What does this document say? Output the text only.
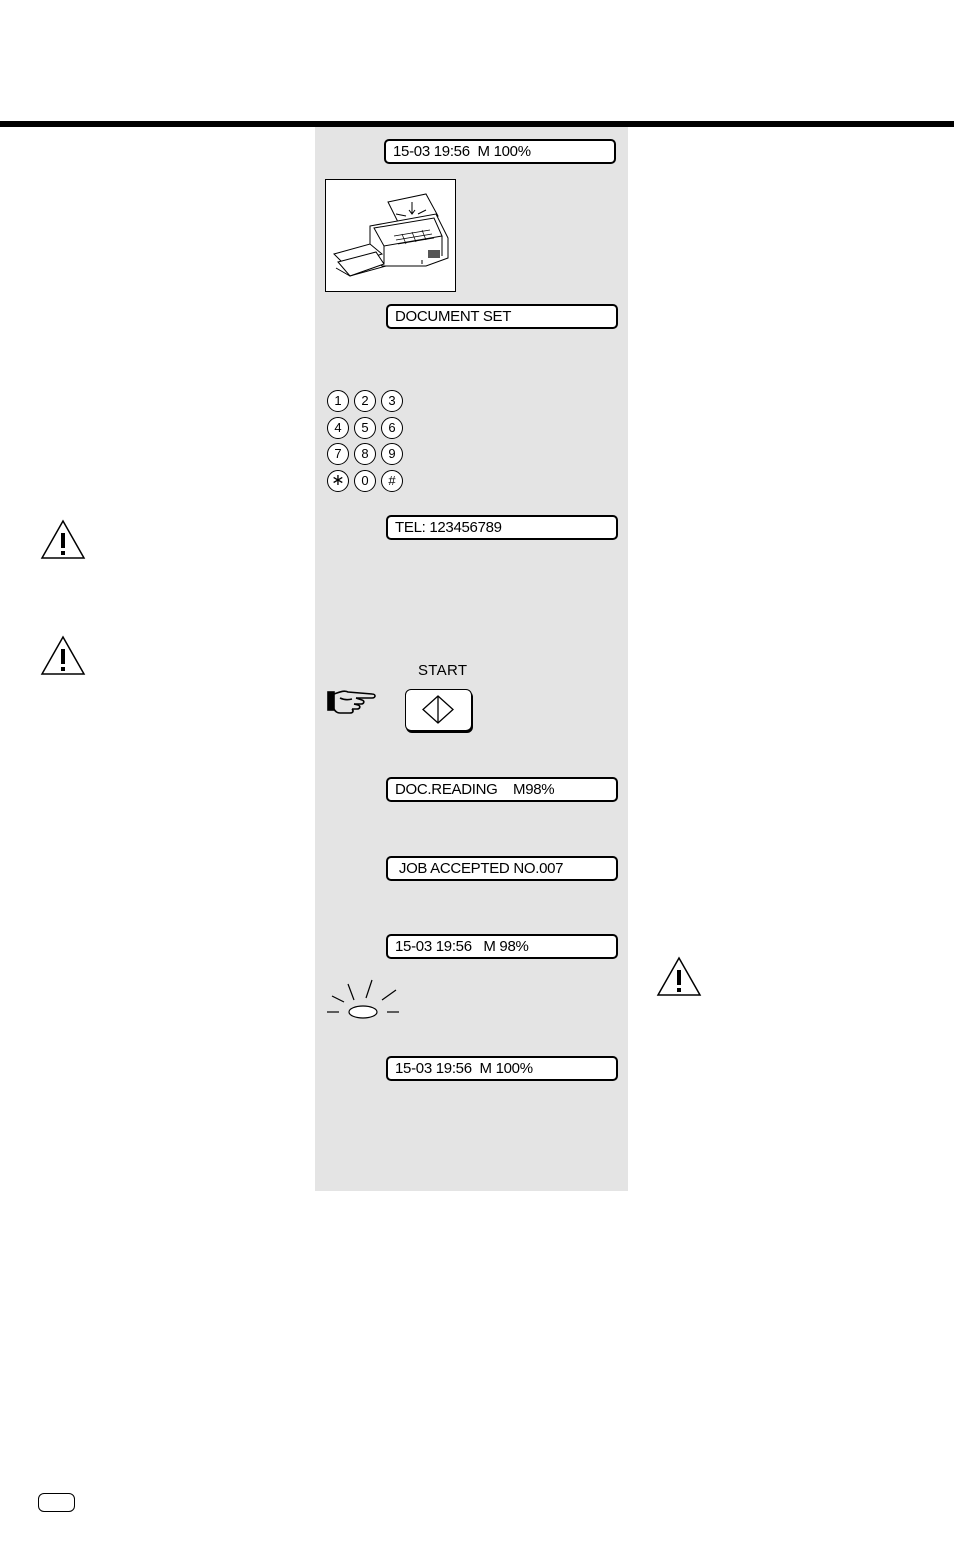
15-03 19:56  M 100%
DOCUMENT SET
1	2	3
4	5	6
7	8	9
∗	0	#
TEL: 123456789
START
DOC.READING    M98%
JOB ACCEPTED NO.007
15-03 19:56   M 98%
15-03 19:56  M 100%
